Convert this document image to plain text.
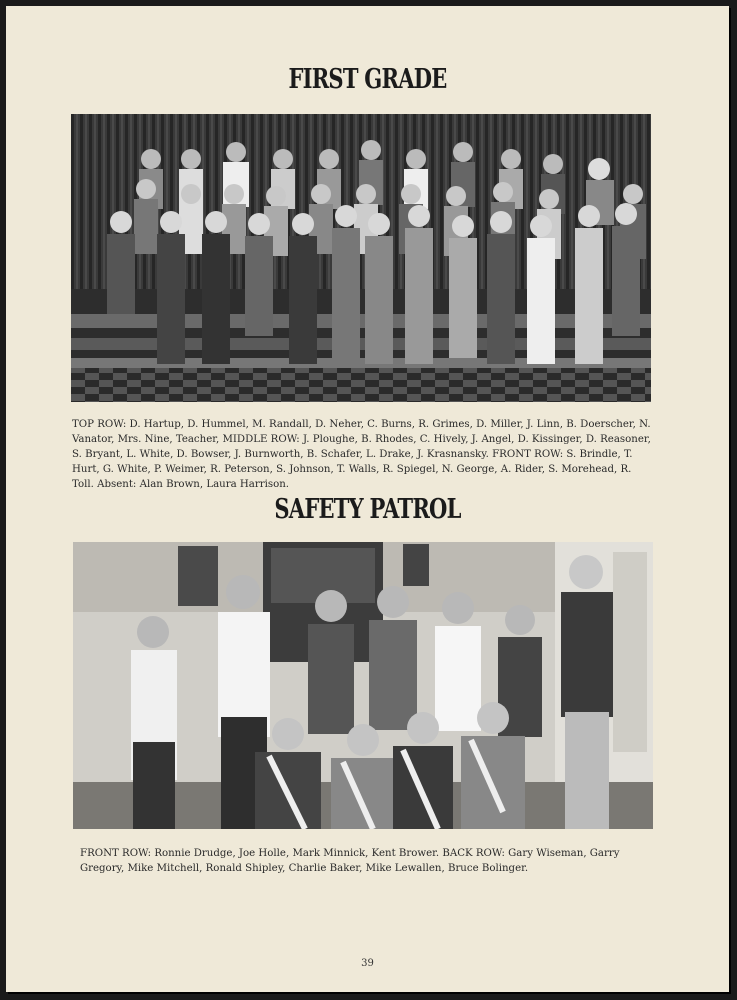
FIRST GRADE
TOP ROW: D. Hartup, D. Hummel, M. Randall, D. Neher, C. Burns, R. Grimes, D. Miller, J. Linn, B. Doerscher, N. Vanator, Mrs. Nine, Teacher, MIDDLE ROW: J. Ploughe, B. Rhodes, C. Hively, J. Angel, D. Kissinger, D. Reasoner, S. Bryant, L. White, D. Bowser, J. Burnworth, B. Schafer, L. Drake, J. Krasnansky. FRONT ROW: S. Brindle, T. Hurt, G. White, P. Weimer, R. Peterson, S. Johnson, T. Walls, R. Spiegel, N. George, A. Rider, S. Morehead, R. Toll. Absent: Alan Brown, Laura Harrison.
SAFETY PATROL
FRONT ROW: Ronnie Drudge, Joe Holle, Mark Minnick, Kent Brower. BACK ROW: Gary Wiseman, Garry Gregory, Mike Mitchell, Ronald Shipley, Charlie Baker, Mike Lewallen, Bruce Bolinger.
39
